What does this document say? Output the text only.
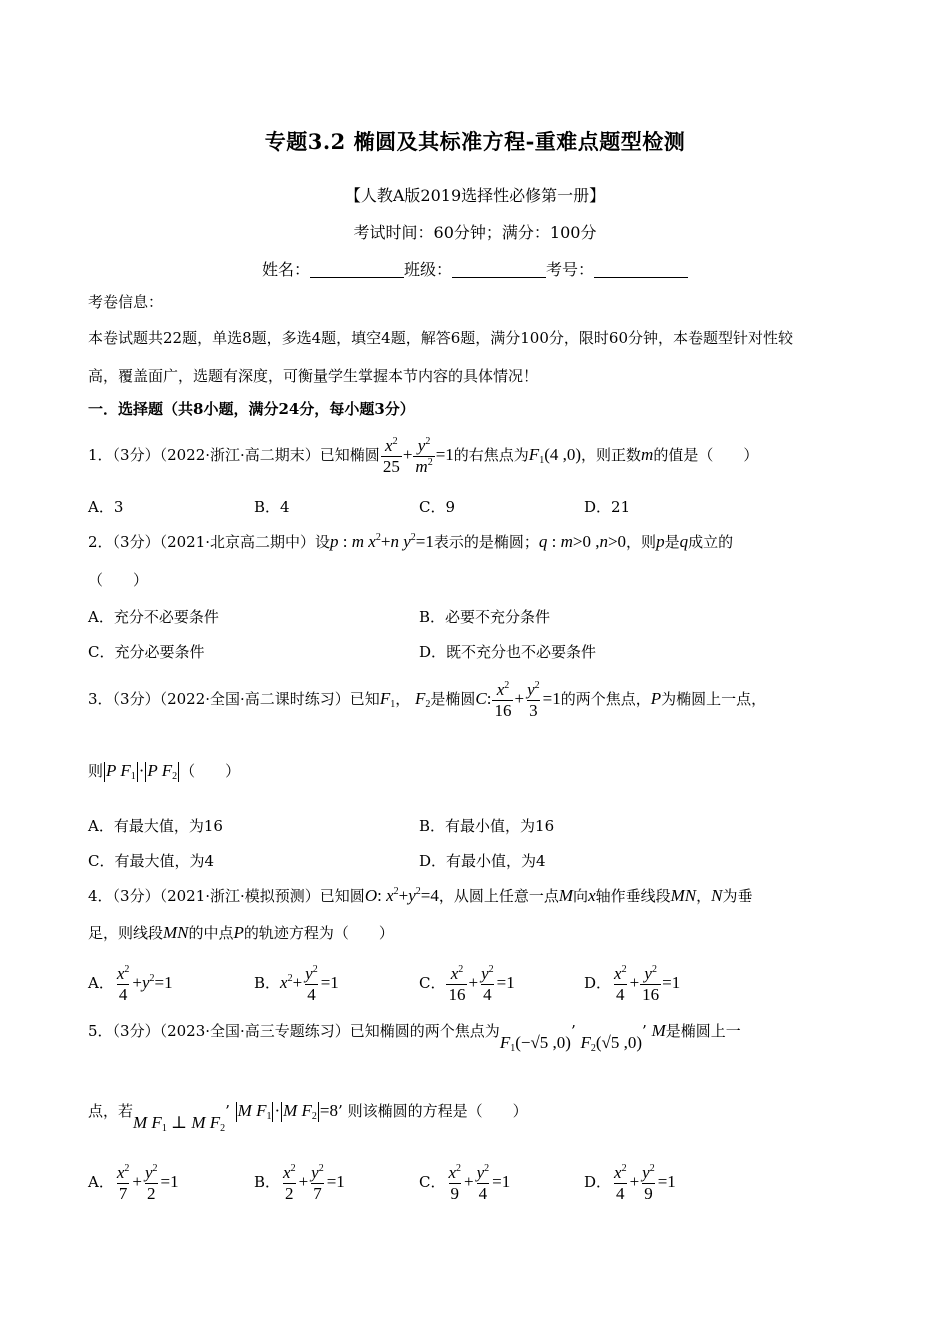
专题3.2 椭圆及其标准方程-重难点题型检测
【人教A版2019选择性必修第一册】
考试时间：60分钟；满分：100分
姓名：	班级：	考号：
考卷信息：
本卷试题共22题，单选8题，多选4题，填空4题，解答6题，满分100分，限时60分钟，本卷题型针对性较
高，覆盖面广，选题有深度，可衡量学生掌握本节内容的具体情况！
一．选择题（共8小题，满分24分，每小题3分）
1．（3分）（2022·浙江·高二期末）已知椭圆 $\frac{x^2}{25} + \frac{y^2}{m^2} =1$的右焦点为$F_1(4$ ,0)，则正数m的值是（　　）
A．3	B．4	C．9	D．21
2．（3分）（2021·北京高二期中）设p : m $x^2+n$ $y^2=1$表示的是椭圆；q : m>0 ,n>0，则p是q成立的
（　　）
A．充分不必要条件	B．必要不充分条件
C．充分必要条件	D．既不充分也不必要条件
3．（3分）（2022·全国·高二课时练习）已知$F_1$， $F_2$是椭圆C: $\frac{x^2}{16} + \frac{y^2}{3} =1$的两个焦点，P为椭圆上一点，
则 P $F_1 \cdot P$ $F_2$ （　　）
A．有最大值，为16	B．有最小值，为16
C．有最大值，为4	D．有最小值，为4
4．（3分）（2021·浙江·模拟预测）已知圆O: $x^2+y^2=4$，从圆上任意一点M向x轴作垂线段MN，N为垂
足，则线段MN的中点P的轨迹方程为（　　）
A． $\frac{x^2}{4} +y^2=1$	B．$x^2+ \frac{y^2}{4} =1$	C． $\frac{x^2}{16} + \frac{y^2}{4} =1$	D． $\frac{x^2}{4} + \frac{y^2}{16} =1$
5．（3分）（2023·全国·高三专题练习）已知椭圆的两个焦点为$F_1(-√5$ ,0)’ $F_2(√5$ ,0)’ M是椭圆上一
点，若M $F_1$ ⊥ M $F_2$’ M $F_1 \cdot M$ $F_2 =8$’ 则该椭圆的方程是（　　）
A． $\frac{x^2}{7} + \frac{y^2}{2} =1$	B． $\frac{x^2}{2} + \frac{y^2}{7} =1$	C． $\frac{x^2}{9} + \frac{y^2}{4} =1$	D． $\frac{x^2}{4} + \frac{y^2}{9} =1$
